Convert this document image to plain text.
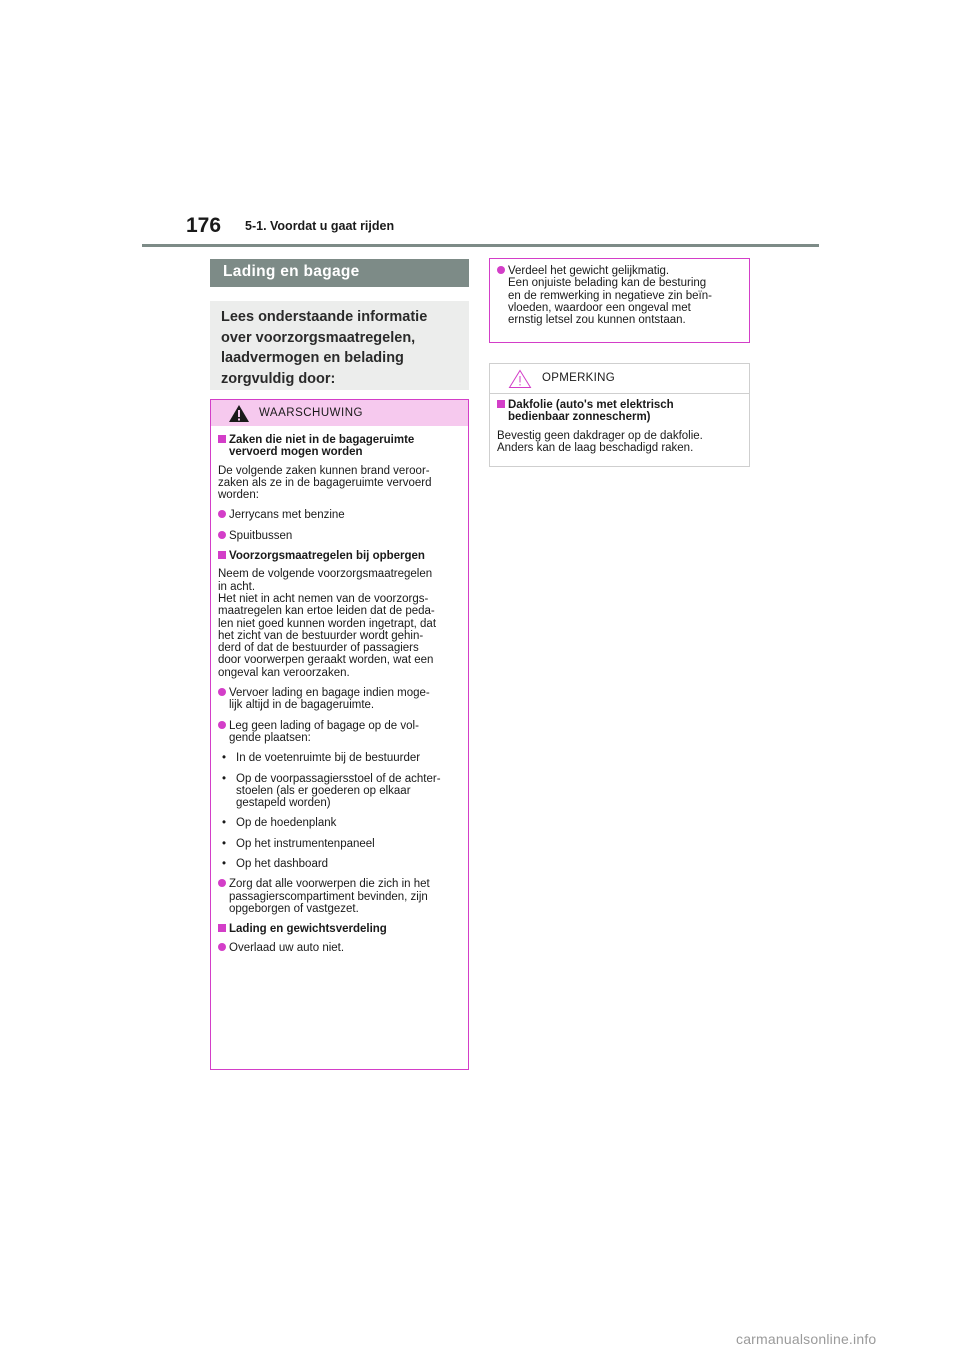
176 5-1. Voordat u gaat rijden
Lading en bagage
Lees onderstaande informatie
over voorzorgsmaatregelen,
laadvermogen en belading
zorgvuldig door:
WAARSCHUWING

Zaken die niet in de bagageruimte
vervoerd mogen worden

De volgende zaken kunnen brand veroor-
zaken als ze in de bagageruimte vervoerd
worden:

Jerrycans met benzine

Spuitbussen

Voorzorgsmaatregelen bij opbergen

Neem de volgende voorzorgsmaatregelen
in acht.
Het niet in acht nemen van de voorzorgs-
maatregelen kan ertoe leiden dat de peda-
len niet goed kunnen worden ingetrapt, dat
het zicht van de bestuurder wordt gehin-
derd of dat de bestuurder of passagiers
door voorwerpen geraakt worden, wat een
ongeval kan veroorzaken.

Vervoer lading en bagage indien moge-
lijk altijd in de bagageruimte.

Leg geen lading of bagage op de vol-
gende plaatsen:

• In de voetenruimte bij de bestuurder

• Op de voorpassagiersstoel of de achter-
stoelen (als er goederen op elkaar
gestapeld worden)

• Op de hoedenplank

• Op het instrumentenpaneel

• Op het dashboard

Zorg dat alle voorwerpen die zich in het
passagierscompartiment bevinden, zijn
opgeborgen of vastgezet.

Lading en gewichtsverdeling

Overlaad uw auto niet.

Verdeel het gewicht gelijkmatig.
Een onjuiste belading kan de besturing
en de remwerking in negatieve zin beïn-
vloeden, waardoor een ongeval met
ernstig letsel zou kunnen ontstaan.

OPMERKING

Dakfolie (auto's met elektrisch
bedienbaar zonnescherm)

Bevestig geen dakdrager op de dakfolie.
Anders kan de laag beschadigd raken.

carmanualsonline.info
